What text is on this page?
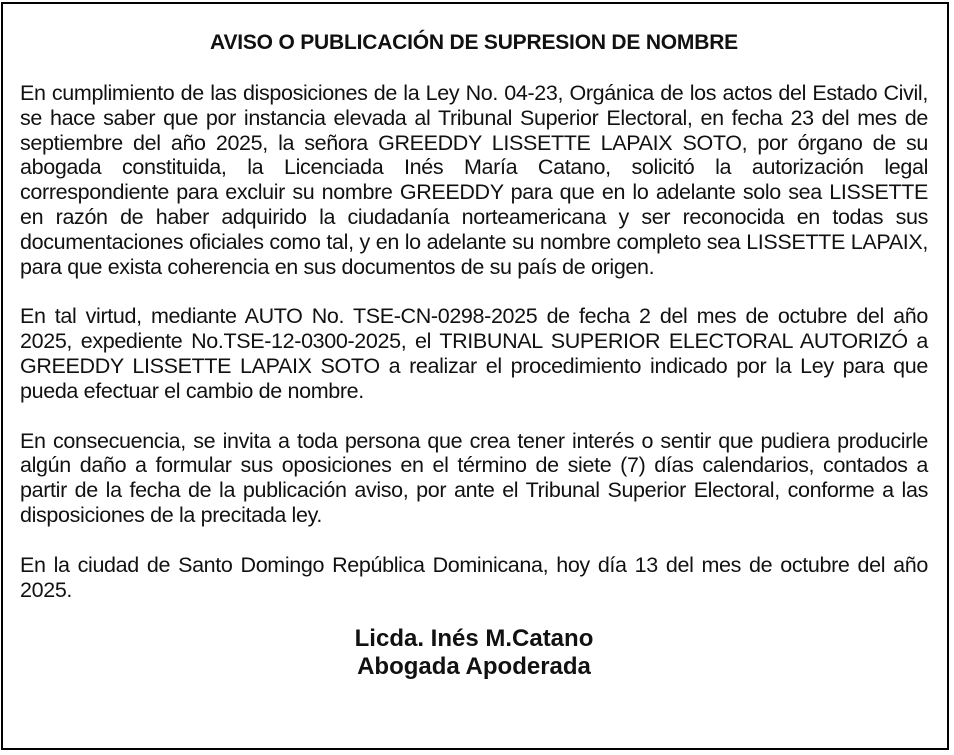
AVISO O PUBLICACIÓN DE SUPRESION DE NOMBRE

En cumplimiento de las disposiciones de la Ley No. 04-23, Orgánica de los actos del Estado Civil, se hace saber que por instancia elevada al Tribunal Superior Electoral, en fecha 23 del mes de septiembre del año 2025, la señora GREEDDY LISSETTE LAPAIX SOTO, por órgano de su abogada constituida, la Licenciada Inés María Catano, solicitó la autorización legal correspondiente para excluir su nombre GREEDDY para que en lo adelante solo sea LISSETTE en razón de haber adquirido la ciudadanía norteamericana y ser reconocida en todas sus documentaciones oficiales como tal, y en lo adelante su nombre completo sea LISSETTE LAPAIX, para que exista coherencia en sus documentos de su país de origen.

En tal virtud, mediante AUTO No. TSE-CN-0298-2025 de fecha 2 del mes de octubre del año 2025, expediente No.TSE-12-0300-2025, el TRIBUNAL SUPERIOR ELECTORAL AUTORIZÓ a GREEDDY LISSETTE LAPAIX SOTO a realizar el procedimiento indicado por la Ley para que pueda efectuar el cambio de nombre.

En consecuencia, se invita a toda persona que crea tener interés o sentir que pudiera producirle algún daño a formular sus oposiciones en el término de siete (7) días calendarios, contados a partir de la fecha de la publicación aviso, por ante el Tribunal Superior Electoral, conforme a las disposiciones de la precitada ley.

En la ciudad de Santo Domingo República Dominicana, hoy día 13 del mes de octubre del año 2025.

Licda. Inés M.Catano
Abogada Apoderada
